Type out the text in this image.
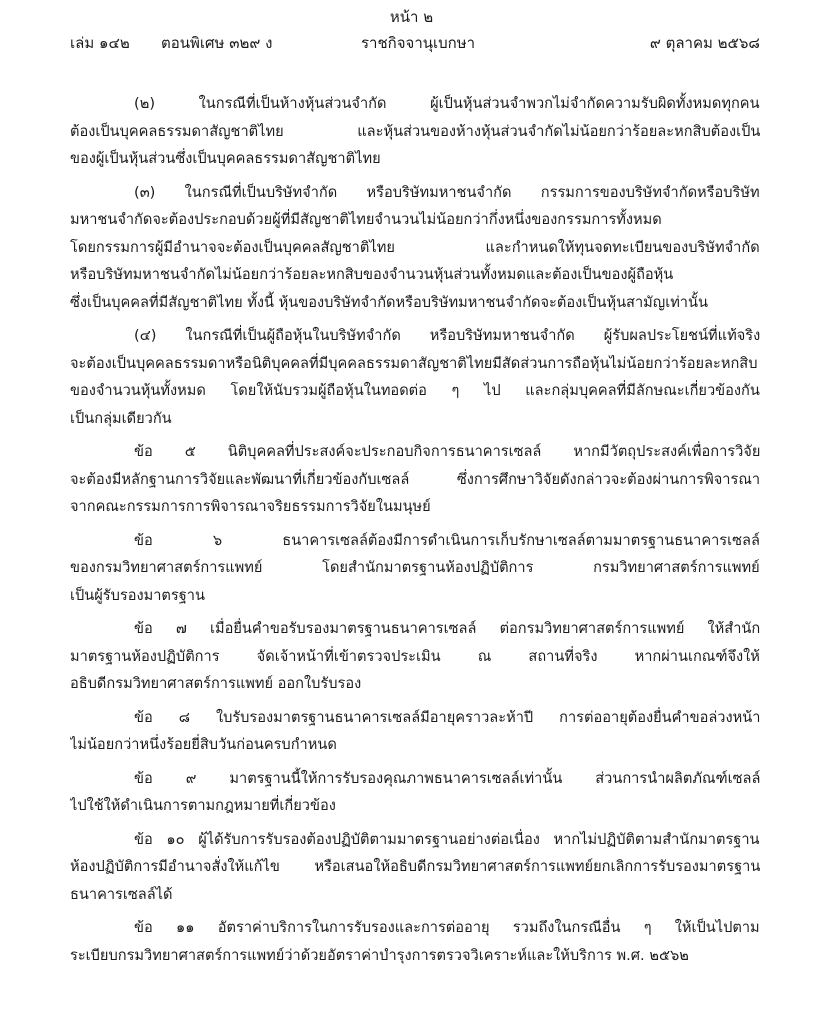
หน้า ๒
เล่ม ๑๔๒ ตอนพิเศษ ๓๒๙ ง	ราชกิจจานุเบกษา	๙ ตุลาคม ๒๕๖๘

(๒) ในกรณีที่เป็นห้างหุ้นส่วนจำกัด ผู้เป็นหุ้นส่วนจำพวกไม่จำกัดความรับผิดทั้งหมดทุกคน
ต้องเป็นบุคคลธรรมดาสัญชาติไทย และหุ้นส่วนของห้างหุ้นส่วนจำกัดไม่น้อยกว่าร้อยละหกสิบต้องเป็น
ของผู้เป็นหุ้นส่วนซึ่งเป็นบุคคลธรรมดาสัญชาติไทย

(๓) ในกรณีที่เป็นบริษัทจำกัด หรือบริษัทมหาชนจำกัด กรรมการของบริษัทจำกัดหรือบริษัท
มหาชนจำกัดจะต้องประกอบด้วยผู้ที่มีสัญชาติไทยจำนวนไม่น้อยกว่ากึ่งหนึ่งของกรรมการทั้งหมด
โดยกรรมการผู้มีอำนาจจะต้องเป็นบุคคลสัญชาติไทย และกำหนดให้ทุนจดทะเบียนของบริษัทจำกัด
หรือบริษัทมหาชนจำกัดไม่น้อยกว่าร้อยละหกสิบของจำนวนหุ้นส่วนทั้งหมดและต้องเป็นของผู้ถือหุ้น
ซึ่งเป็นบุคคลที่มีสัญชาติไทย ทั้งนี้ หุ้นของบริษัทจำกัดหรือบริษัทมหาชนจำกัดจะต้องเป็นหุ้นสามัญเท่านั้น

(๔) ในกรณีที่เป็นผู้ถือหุ้นในบริษัทจำกัด หรือบริษัทมหาชนจำกัด ผู้รับผลประโยชน์ที่แท้จริง
จะต้องเป็นบุคคลธรรมดาหรือนิติบุคคลที่มีบุคคลธรรมดาสัญชาติไทยมีสัดส่วนการถือหุ้นไม่น้อยกว่าร้อยละหกสิบ
ของจำนวนหุ้นทั้งหมด โดยให้นับรวมผู้ถือหุ้นในทอดต่อ ๆ ไป และกลุ่มบุคคลที่มีลักษณะเกี่ยวข้องกัน
เป็นกลุ่มเดียวกัน

ข้อ ๕ นิติบุคคลที่ประสงค์จะประกอบกิจการธนาคารเซลล์ หากมีวัตถุประสงค์เพื่อการวิจัย
จะต้องมีหลักฐานการวิจัยและพัฒนาที่เกี่ยวข้องกับเซลล์ ซึ่งการศึกษาวิจัยดังกล่าวจะต้องผ่านการพิจารณา
จากคณะกรรมการการพิจารณาจริยธรรมการวิจัยในมนุษย์

ข้อ ๖ ธนาคารเซลล์ต้องมีการดำเนินการเก็บรักษาเซลล์ตามมาตรฐานธนาคารเซลล์
ของกรมวิทยาศาสตร์การแพทย์ โดยสำนักมาตรฐานห้องปฏิบัติการ กรมวิทยาศาสตร์การแพทย์
เป็นผู้รับรองมาตรฐาน

ข้อ ๗ เมื่อยื่นคำขอรับรองมาตรฐานธนาคารเซลล์ ต่อกรมวิทยาศาสตร์การแพทย์ ให้สำนัก
มาตรฐานห้องปฏิบัติการ จัดเจ้าหน้าที่เข้าตรวจประเมิน ณ สถานที่จริง หากผ่านเกณฑ์จึงให้
อธิบดีกรมวิทยาศาสตร์การแพทย์ ออกใบรับรอง

ข้อ ๘ ใบรับรองมาตรฐานธนาคารเซลล์มีอายุคราวละห้าปี การต่ออายุต้องยื่นคำขอล่วงหน้า
ไม่น้อยกว่าหนึ่งร้อยยี่สิบวันก่อนครบกำหนด

ข้อ ๙ มาตรฐานนี้ให้การรับรองคุณภาพธนาคารเซลล์เท่านั้น ส่วนการนำผลิตภัณฑ์เซลล์
ไปใช้ให้ดำเนินการตามกฎหมายที่เกี่ยวข้อง

ข้อ ๑๐ ผู้ได้รับการรับรองต้องปฏิบัติตามมาตรฐานอย่างต่อเนื่อง หากไม่ปฏิบัติตามสำนักมาตรฐาน
ห้องปฏิบัติการมีอำนาจสั่งให้แก้ไข หรือเสนอให้อธิบดีกรมวิทยาศาสตร์การแพทย์ยกเลิกการรับรองมาตรฐาน
ธนาคารเซลล์ได้

ข้อ ๑๑ อัตราค่าบริการในการรับรองและการต่ออายุ รวมถึงในกรณีอื่น ๆ ให้เป็นไปตาม
ระเบียบกรมวิทยาศาสตร์การแพทย์ว่าด้วยอัตราค่าบำรุงการตรวจวิเคราะห์และให้บริการ พ.ศ. ๒๕๖๒
